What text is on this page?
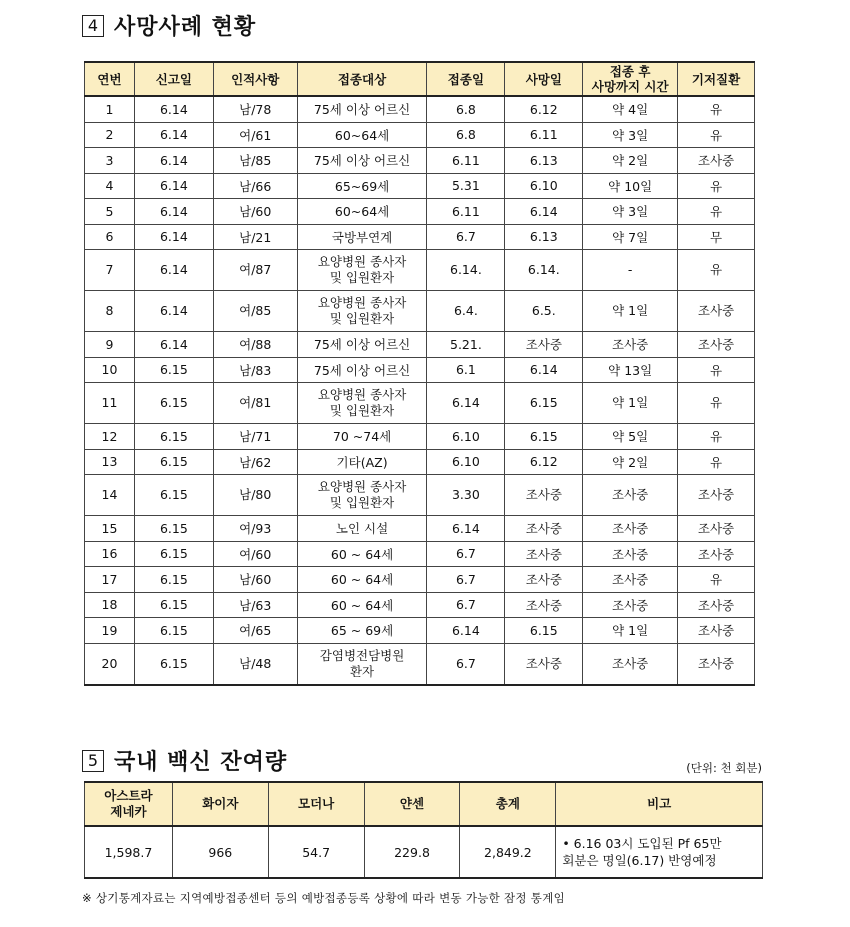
4 사망사례 현황
연번	신고일	인적사항	접종대상	접종일	사망일	접종 후
사망까지 시간	기저질환
1	6.14	남/78	75세 이상 어르신	6.8	6.12	약 4일	유
2	6.14	여/61	60~64세	6.8	6.11	약 3일	유
3	6.14	남/85	75세 이상 어르신	6.11	6.13	약 2일	조사중
4	6.14	남/66	65~69세	5.31	6.10	약 10일	유
5	6.14	남/60	60~64세	6.11	6.14	약 3일	유
6	6.14	남/21	국방부연계	6.7	6.13	약 7일	무
7	6.14	여/87	요양병원 종사자
및 입원환자	6.14.	6.14.	-	유
8	6.14	여/85	요양병원 종사자
및 입원환자	6.4.	6.5.	약 1일	조사중
9	6.14	여/88	75세 이상 어르신	5.21.	조사중	조사중	조사중
10	6.15	남/83	75세 이상 어르신	6.1	6.14	약 13일	유
11	6.15	여/81	요양병원 종사자
및 입원환자	6.14	6.15	약 1일	유
12	6.15	남/71	70 ~74세	6.10	6.15	약 5일	유
13	6.15	남/62	기타(AZ)	6.10	6.12	약 2일	유
14	6.15	남/80	요양병원 종사자
및 입원환자	3.30	조사중	조사중	조사중
15	6.15	여/93	노인 시설	6.14	조사중	조사중	조사중
16	6.15	여/60	60 ~ 64세	6.7	조사중	조사중	조사중
17	6.15	남/60	60 ~ 64세	6.7	조사중	조사중	유
18	6.15	남/63	60 ~ 64세	6.7	조사중	조사중	조사중
19	6.15	여/65	65 ~ 69세	6.14	6.15	약 1일	조사중
20	6.15	남/48	감염병전담병원
환자	6.7	조사중	조사중	조사중
5 국내 백신 잔여량	(단위: 천 회분)
아스트라
제네카	화이자	모더나	얀센	총계	비고
1,598.7	966	54.7	229.8	2,849.2	• 6.16 03시 도입된 Pf 65만
회분은 명일(6.17) 반영예정
※ 상기통계자료는 지역예방접종센터 등의 예방접종등록 상황에 따라 변동 가능한 잠정 통계임
